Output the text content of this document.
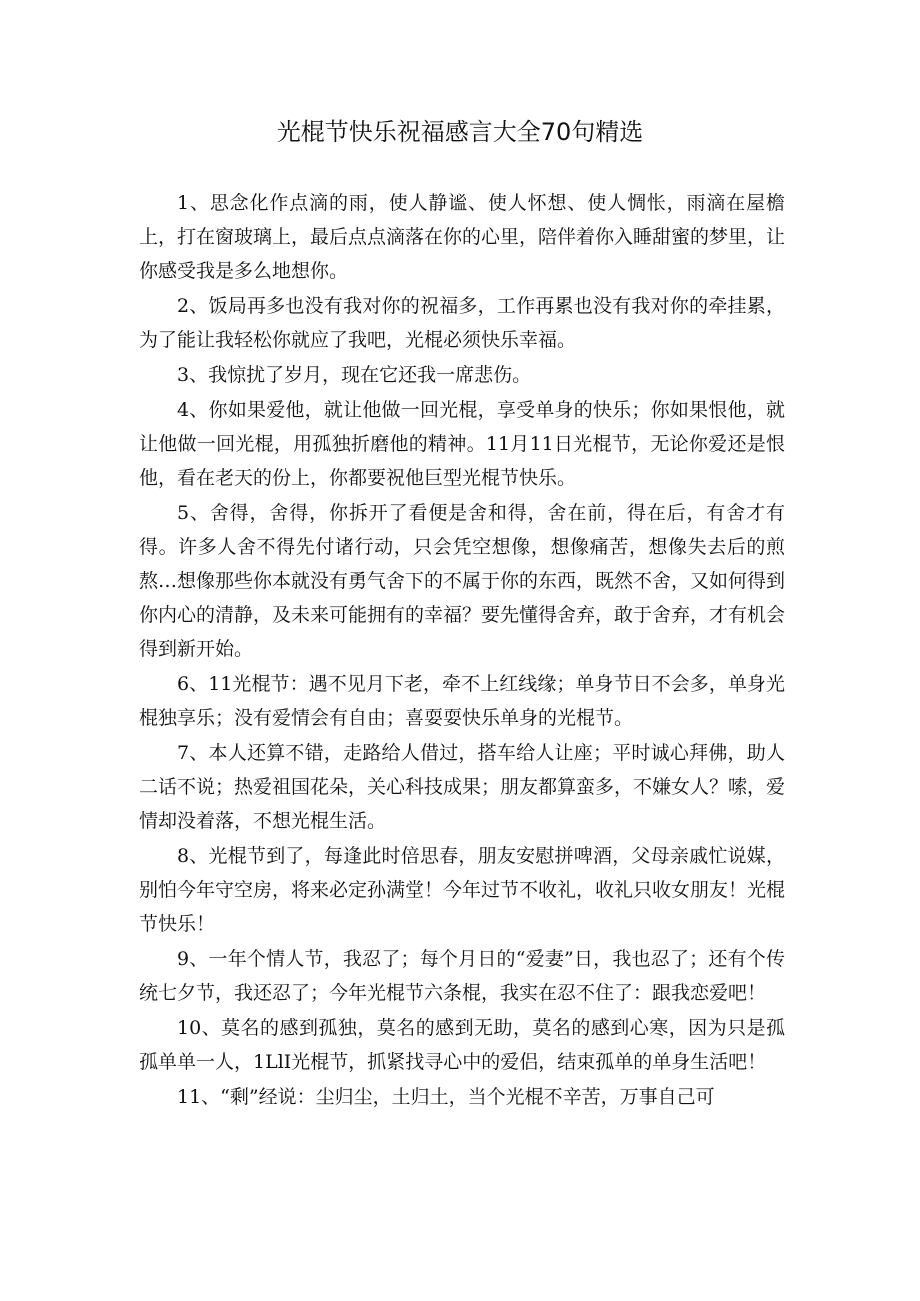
光棍节快乐祝福感言大全70句精选

1、思念化作点滴的雨，使人静谧、使人怀想、使人惆怅，雨滴在屋檐上，打在窗玻璃上，最后点点滴落在你的心里，陪伴着你入睡甜蜜的梦里，让你感受我是多么地想你。

2、饭局再多也没有我对你的祝福多，工作再累也没有我对你的牵挂累，为了能让我轻松你就应了我吧，光棍必须快乐幸福。

3、我惊扰了岁月，现在它还我一席悲伤。

4、你如果爱他，就让他做一回光棍，享受单身的快乐；你如果恨他，就让他做一回光棍，用孤独折磨他的精神。11月11日光棍节，无论你爱还是恨他，看在老天的份上，你都要祝他巨型光棍节快乐。

5、舍得，舍得，你拆开了看便是舍和得，舍在前，得在后，有舍才有得。许多人舍不得先付诸行动，只会凭空想像，想像痛苦，想像失去后的煎熬…想像那些你本就没有勇气舍下的不属于你的东西，既然不舍，又如何得到你内心的清静，及未来可能拥有的幸福？要先懂得舍弃，敢于舍弃，才有机会得到新开始。

6、11光棍节：遇不见月下老，牵不上红线缘；单身节日不会多，单身光棍独享乐；没有爱情会有自由；喜耍耍快乐单身的光棍节。

7、本人还算不错，走路给人借过，搭车给人让座；平时诚心拜佛，助人二话不说；热爱祖国花朵，关心科技成果；朋友都算蛮多，不嫌女人？嗦，爱情却没着落，不想光棍生活。

8、光棍节到了，每逢此时倍思春，朋友安慰拼啤酒，父母亲戚忙说媒，别怕今年守空房，将来必定孙满堂！今年过节不收礼，收礼只收女朋友！光棍节快乐！

9、一年个情人节，我忍了；每个月日的“爱妻”日，我也忍了；还有个传统七夕节，我还忍了；今年光棍节六条棍，我实在忍不住了：跟我恋爱吧！

10、莫名的感到孤独，莫名的感到无助，莫名的感到心寒，因为只是孤孤单单一人，1LlI光棍节，抓紧找寻心中的爱侣，结束孤单的单身生活吧！

11、“剩”经说：尘归尘，土归土，当个光棍不辛苦，万事自己可
